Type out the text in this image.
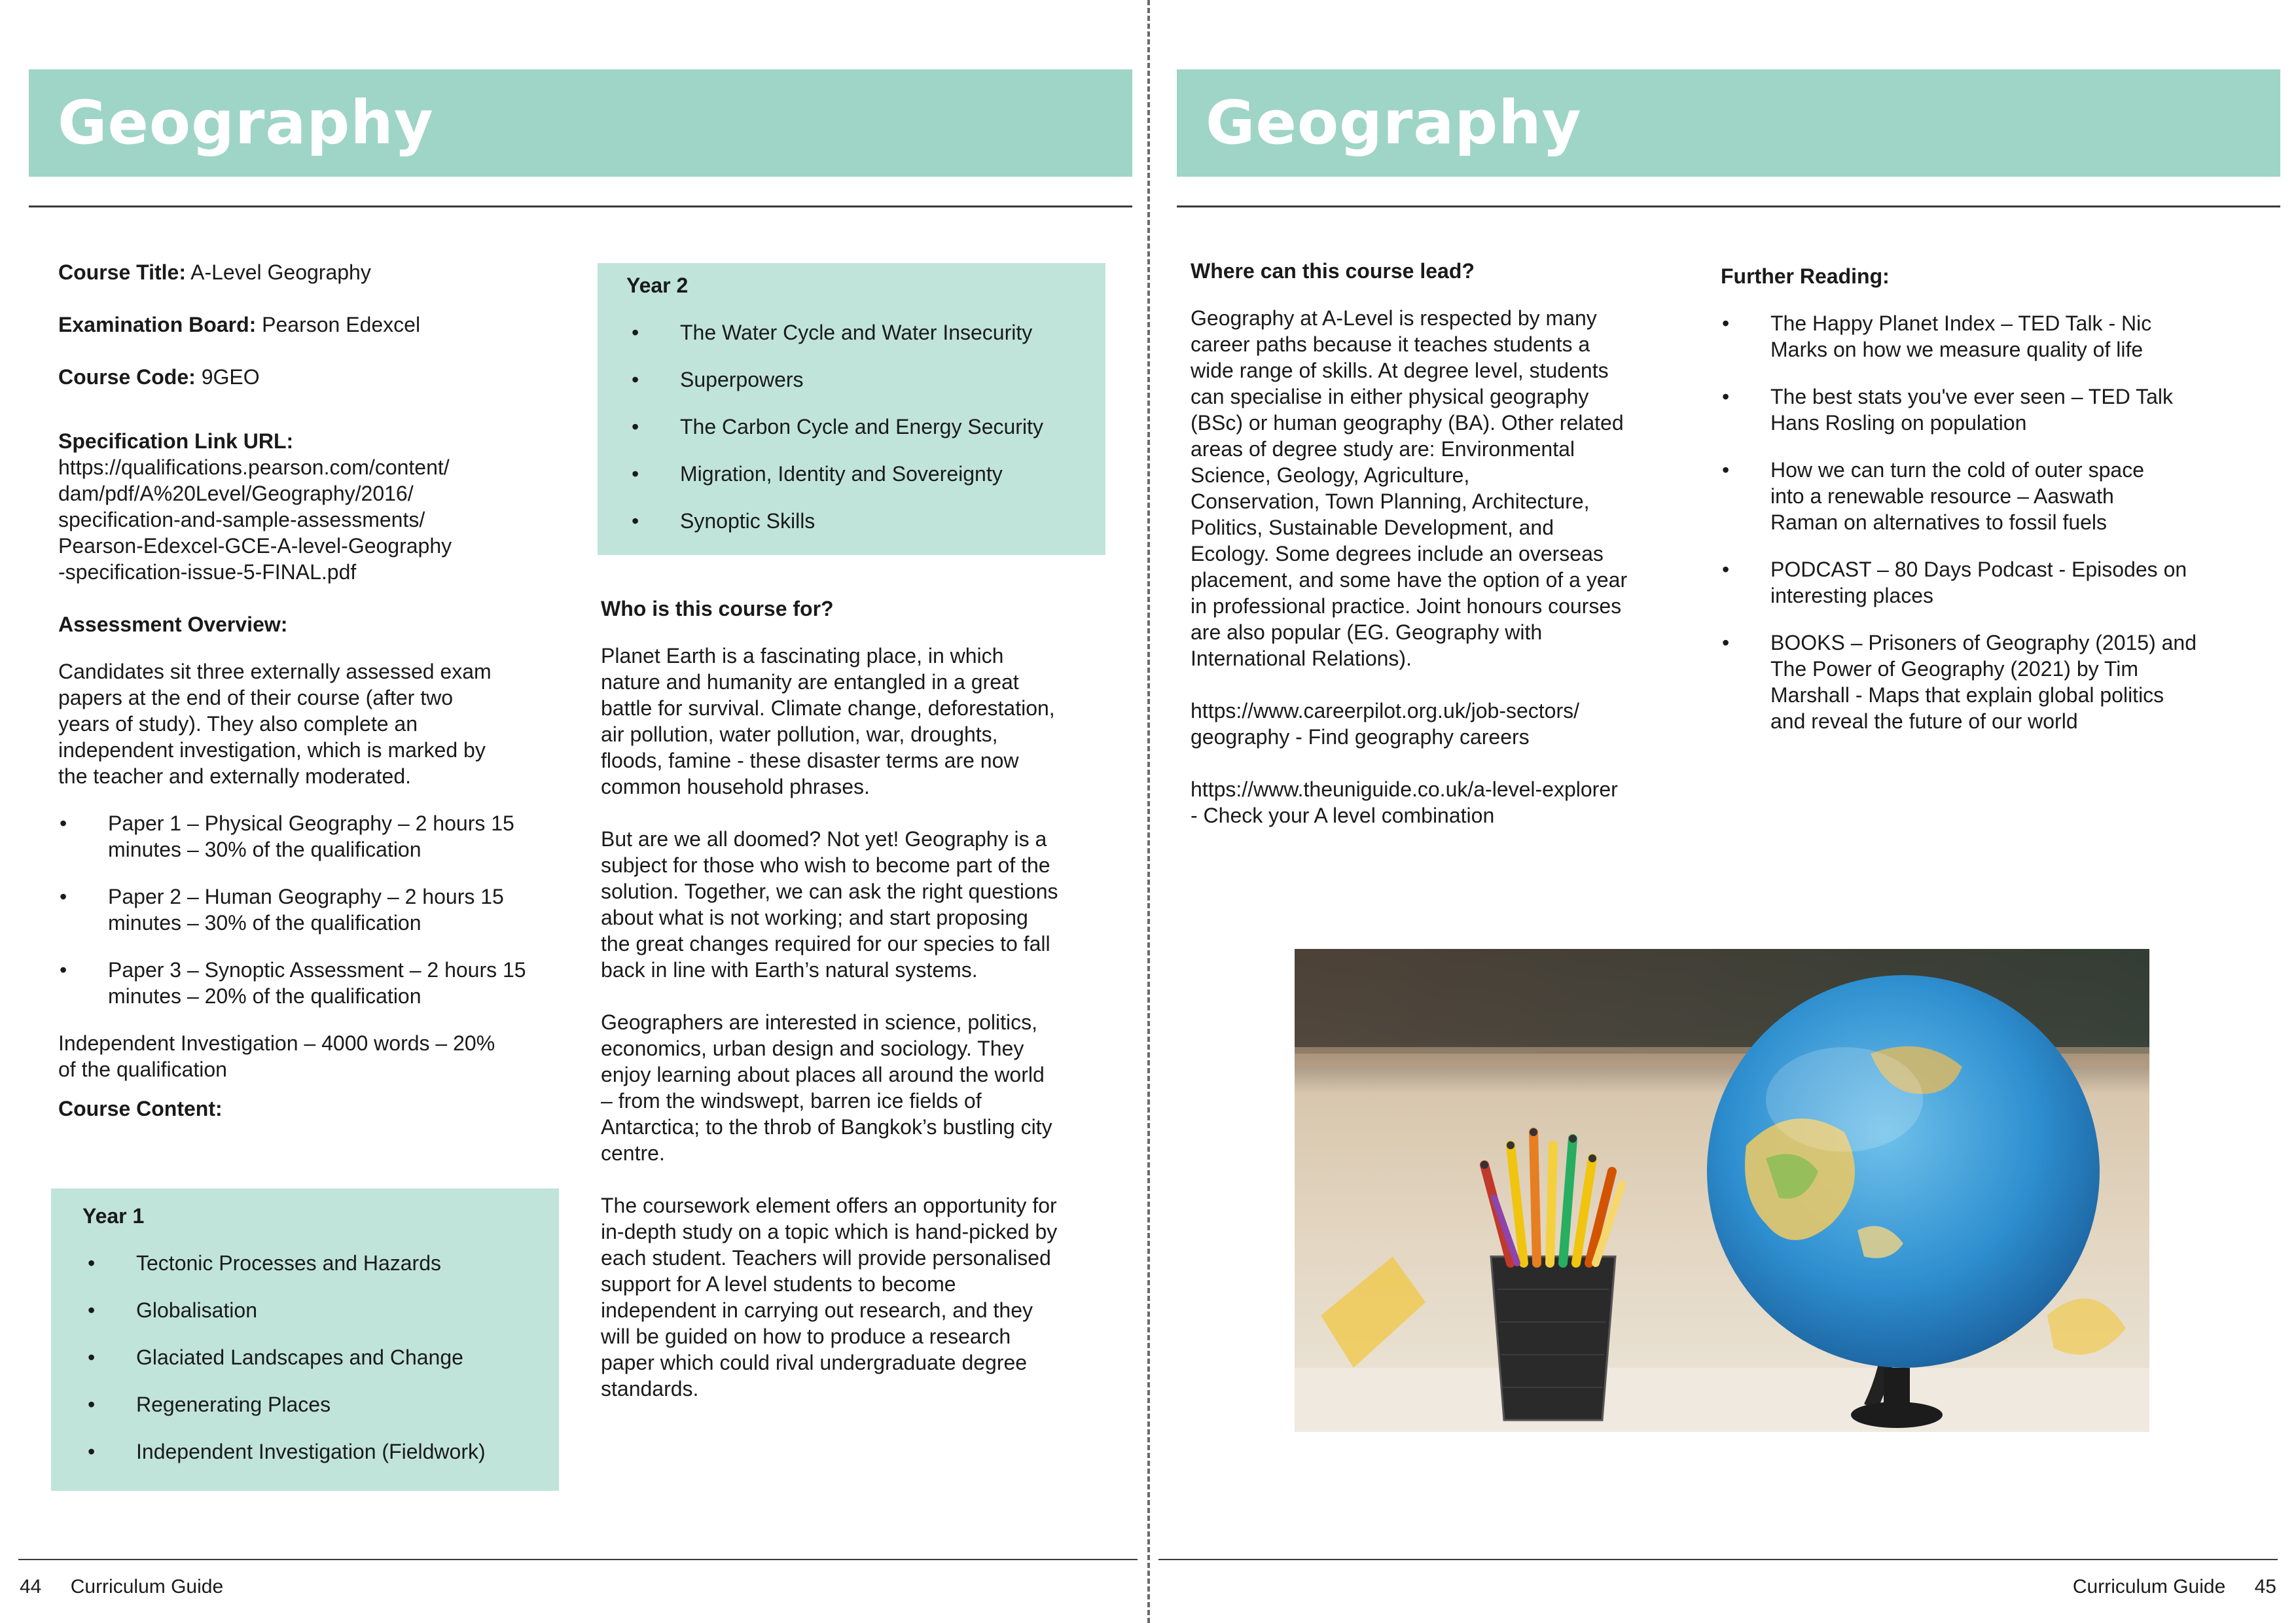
Geography

Course Title: A-Level Geography

Examination Board: Pearson Edexcel

Course Code: 9GEO

Specification Link URL:

https://qualifications.pearson.com/content/

dam/pdf/A%20Level/Geography/2016/

specification-and-sample-assessments/

Pearson-Edexcel-GCE-A-level-Geography

-specification-issue-5-FINAL.pdf

Assessment Overview:

Candidates sit three externally assessed exam

papers at the end of their course (after two

years of study). They also complete an

independent investigation, which is marked by

the teacher and externally moderated.

• Paper 1 – Physical Geography – 2 hours 15
minutes – 30% of the qualification
• Paper 2 – Human Geography – 2 hours 15
minutes – 30% of the qualification
• Paper 3 – Synoptic Assessment – 2 hours 15
minutes – 20% of the qualification

Independent Investigation – 4000 words – 20%

of the qualification

Course Content:

Year 1

• Tectonic Processes and Hazards
• Globalisation
• Glaciated Landscapes and Change
• Regenerating Places
• Independent Investigation (Fieldwork)

Year 2

• The Water Cycle and Water Insecurity
• Superpowers
• The Carbon Cycle and Energy Security
• Migration, Identity and Sovereignty
• Synoptic Skills

Who is this course for?

Planet Earth is a fascinating place, in which

nature and humanity are entangled in a great

battle for survival. Climate change, deforestation,

air pollution, water pollution, war, droughts,

floods, famine - these disaster terms are now

common household phrases.

But are we all doomed? Not yet! Geography is a

subject for those who wish to become part of the

solution. Together, we can ask the right questions

about what is not working; and start proposing

the great changes required for our species to fall

back in line with Earth’s natural systems.

Geographers are interested in science, politics,

economics, urban design and sociology. They

enjoy learning about places all around the world

– from the windswept, barren ice fields of

Antarctica; to the throb of Bangkok’s bustling city

centre.

The coursework element offers an opportunity for

in-depth study on a topic which is hand-picked by

each student. Teachers will provide personalised

support for A level students to become

independent in carrying out research, and they

will be guided on how to produce a research

paper which could rival undergraduate degree

standards.

44 Curriculum Guide
Geography

Where can this course lead?

Geography at A-Level is respected by many

career paths because it teaches students a

wide range of skills. At degree level, students

can specialise in either physical geography

(BSc) or human geography (BA). Other related

areas of degree study are: Environmental

Science, Geology, Agriculture,

Conservation, Town Planning, Architecture,

Politics, Sustainable Development, and

Ecology. Some degrees include an overseas

placement, and some have the option of a year

in professional practice. Joint honours courses

are also popular (EG. Geography with

International Relations).

https://www.careerpilot.org.uk/job-sectors/

geography - Find geography careers

https://www.theuniguide.co.uk/a-level-explorer

- Check your A level combination

Further Reading:

• The Happy Planet Index – TED Talk - Nic
Marks on how we measure quality of life
• The best stats you've ever seen – TED Talk
Hans Rosling on population
• How we can turn the cold of outer space
into a renewable resource – Aaswath
Raman on alternatives to fossil fuels
• PODCAST – 80 Days Podcast - Episodes on
interesting places
• BOOKS – Prisoners of Geography (2015) and
The Power of Geography (2021) by Tim
Marshall - Maps that explain global politics
and reveal the future of our world
Curriculum Guide 45
